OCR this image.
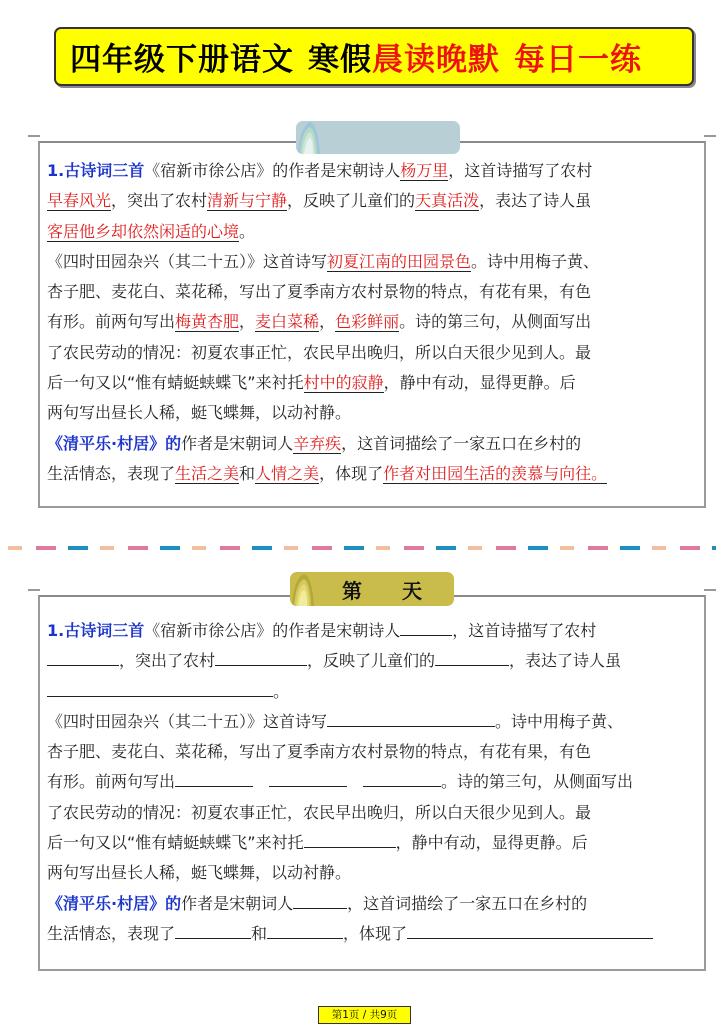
四年级下册语文 寒假 晨读晚默 每日一练
1.古诗词三首《宿新市徐公店》的作者是宋朝诗人杨万里，这首诗描写了农村
早春风光，突出了农村清新与宁静，反映了儿童们的天真活泼，表达了诗人虽
客居他乡却依然闲适的心境。
《四时田园杂兴（其二十五）》这首诗写初夏江南的田园景色。诗中用梅子黄、
杏子肥、麦花白、菜花稀，写出了夏季南方农村景物的特点，有花有果，有色
有形。前两句写出梅黄杏肥，麦白菜稀，色彩鲜丽。诗的第三句，从侧面写出
了农民劳动的情况：初夏农事正忙，农民早出晚归，所以白天很少见到人。最
后一句又以“惟有蜻蜓蛱蝶飞”来衬托村中的寂静，静中有动，显得更静。后
两句写出昼长人稀，蜓飞蝶舞，以动衬静。
《清平乐·村居》的作者是宋朝词人辛弃疾，这首词描绘了一家五口在乡村的
生活情态，表现了生活之美和人情之美，体现了作者对田园生活的羡慕与向往。
第 天
1.古诗词三首《宿新市徐公店》的作者是宋朝诗人	，这首诗描写了农村
，突出了农村	，反映了儿童们的	，表达了诗人虽
。
《四时田园杂兴（其二十五）》这首诗写	。诗中用梅子黄、
杏子肥、麦花白、菜花稀，写出了夏季南方农村景物的特点，有花有果，有色
有形。前两句写出　　	。诗的第三句，从侧面写出
了农民劳动的情况：初夏农事正忙，农民早出晚归，所以白天很少见到人。最
后一句又以“惟有蜻蜓蛱蝶飞”来衬托	，静中有动，显得更静。后
两句写出昼长人稀，蜓飞蝶舞，以动衬静。
《清平乐·村居》的作者是宋朝词人	，这首词描绘了一家五口在乡村的
生活情态，表现了	和	，体现了
第1页 / 共9页
